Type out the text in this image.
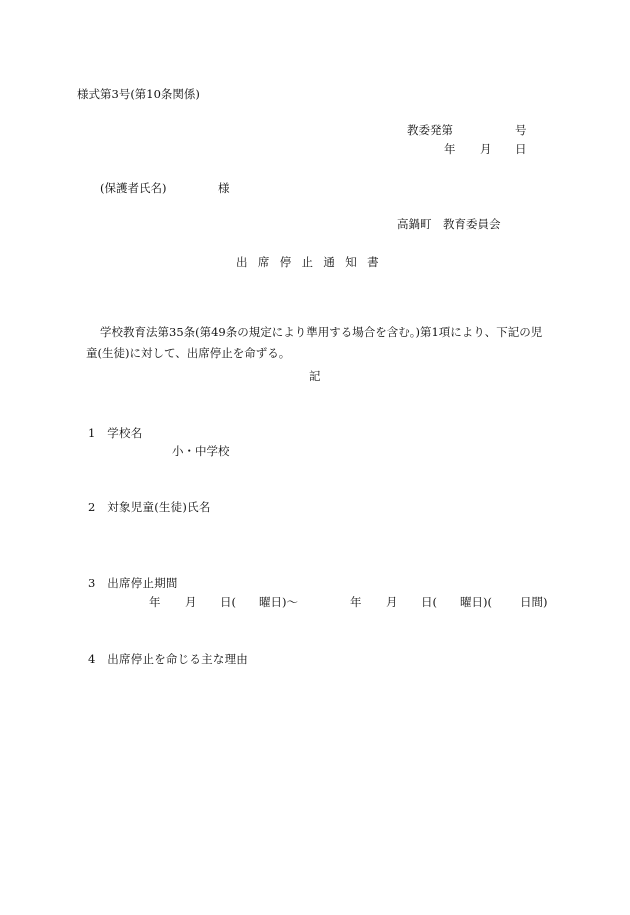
様式第3号(第10条関係)

教委発第	号

年 月 日

(保護者氏名)	様

高鍋町　教育委員会

出席停止通知書

学校教育法第35条(第49条の規定により準用する場合を含む。)第1項により、下記の児童(生徒)に対して、出席停止を命ずる。

記

1　学校名

小・中学校

2　対象児童(生徒)氏名

3　出席停止期間

年 月 日( 曜日)～	年 月 日( 曜日)( 日間)

4　出席停止を命じる主な理由
